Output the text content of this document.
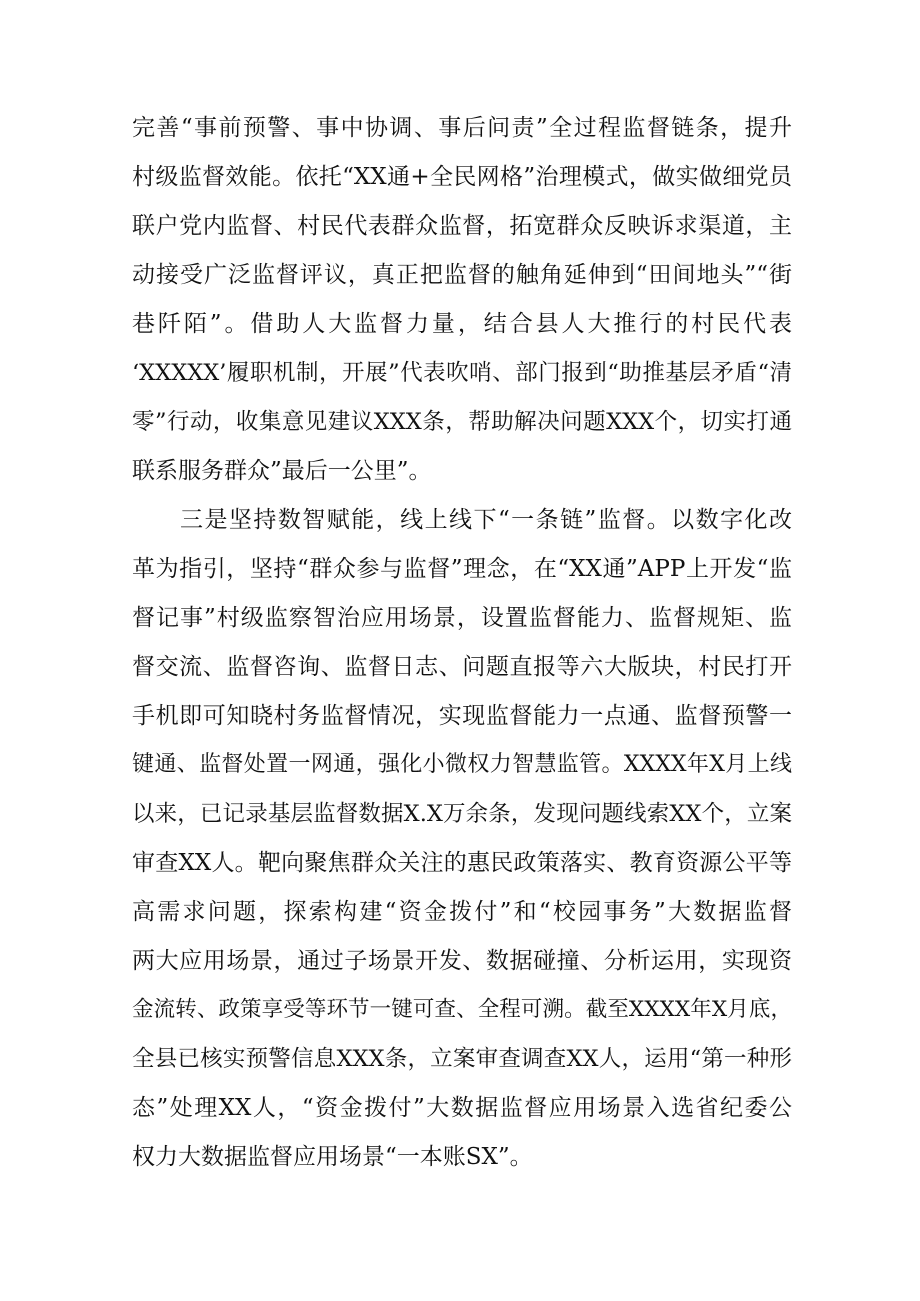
完善“事前预警、事中协调、事后问责”全过程监督链条，提升
村级监督效能。依托“XX通+全民网格”治理模式，做实做细党员
联户党内监督、村民代表群众监督，拓宽群众反映诉求渠道，主
动接受广泛监督评议，真正把监督的触角延伸到“田间地头”“街
巷阡陌”。借助人大监督力量，结合县人大推行的村民代表
‘XXXXX’履职机制，开展”代表吹哨、部门报到“助推基层矛盾“清
零”行动，收集意见建议XXX条，帮助解决问题XXX个，切实打通
联系服务群众”最后一公里”。
三是坚持数智赋能，线上线下“一条链”监督。以数字化改
革为指引，坚持“群众参与监督”理念，在“XX通”APP上开发“监
督记事”村级监察智治应用场景，设置监督能力、监督规矩、监
督交流、监督咨询、监督日志、问题直报等六大版块，村民打开
手机即可知晓村务监督情况，实现监督能力一点通、监督预警一
键通、监督处置一网通，强化小微权力智慧监管。XXXX年X月上线
以来，已记录基层监督数据X.X万余条，发现问题线索XX个，立案
审查XX人。靶向聚焦群众关注的惠民政策落实、教育资源公平等
高需求问题，探索构建“资金拨付”和“校园事务”大数据监督
两大应用场景，通过子场景开发、数据碰撞、分析运用，实现资
金流转、政策享受等环节一键可查、全程可溯。截至XXXX年X月底，
全县已核实预警信息XXX条，立案审查调查XX人，运用“第一种形
态”处理XX人，“资金拨付”大数据监督应用场景入选省纪委公
权力大数据监督应用场景“一本账SX”。
